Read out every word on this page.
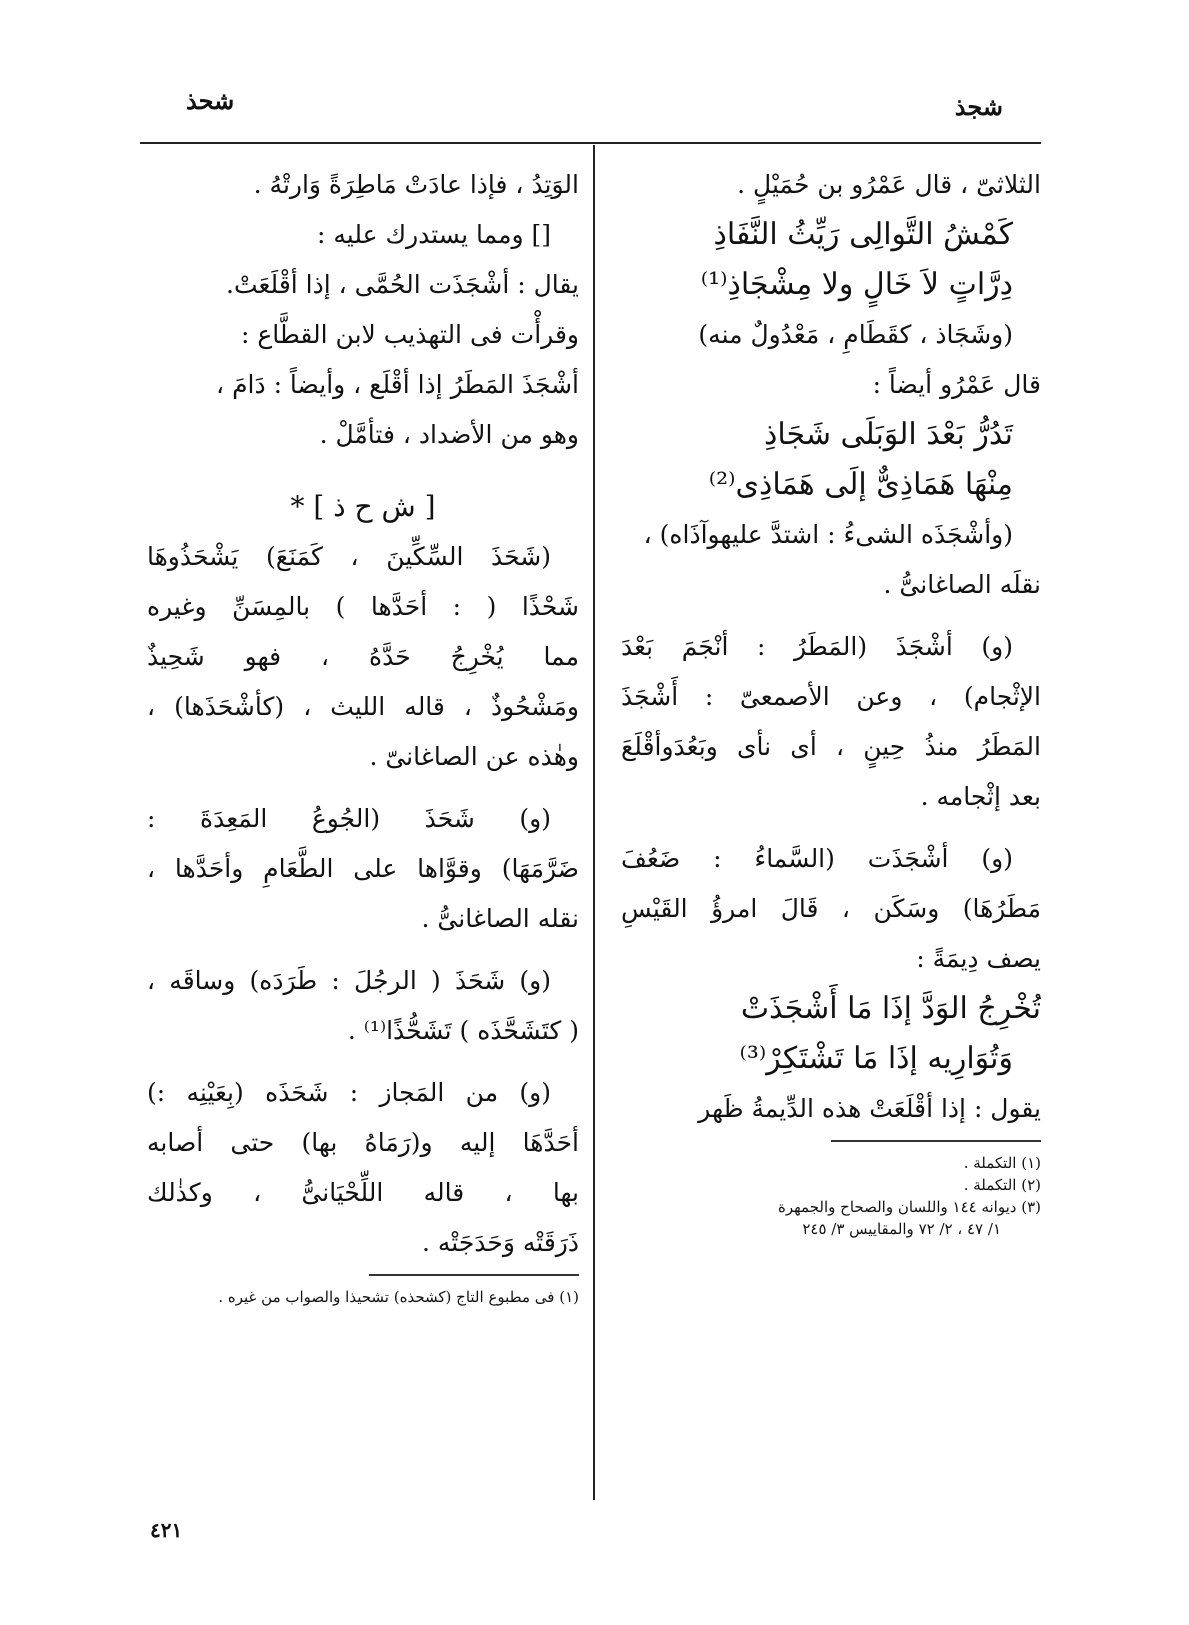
شجذ
شحذ
الثلاثىّ ، قال عَمْرُو بن حُمَيْلٍ .
كَمْشُ التَّوالِى رَيِّثُ النَّفَاذِ
دِرَّاتٍ لاَ خَالٍ ولا مِشْجَاذِ⁽¹⁾
(وشَجَاذ ، كقَطَامِ ، مَعْدُولٌ منه)
قال عَمْرُو أيضاً :
تَدُرُّ بَعْدَ الوَبَلَى شَجَاذِ
مِنْهَا هَمَاذِىٌّ إلَى هَمَاذِى⁽²⁾
(وأشْجَذَه الشىءُ : اشتدَّ عليهوآذَاه) ،
نقلَه الصاغانىُّ .
(و) أشْجَذَ (المَطَرُ : أنْجَمَ بَعْدَ
الإثْجام) ، وعن الأصمعىّ : أَشْجَذَ
المَطَرُ منذُ حِينٍ ، أى نأى وبَعُدَوأقْلَعَ
بعد إثْجامه .
(و) أشْجَذَت (السَّماءُ : ضَعُفَ
مَطَرُهَا) وسَكَن ، قَالَ امرؤُ القَيْسِ
يصف دِيمَةً :
تُخْرِجُ الوَدَّ إذَا مَا أَشْجَذَتْ
وَتُوَارِيه إذَا مَا تَشْتَكِرْ⁽³⁾
يقول : إذا أقْلَعَتْ هذه الدِّيمةُ ظَهر
(١) التكملة .
(٢) التكملة .
(٣) ديوانه ١٤٤ واللسان والصحاح والجمهرة
١/ ٤٧ ، ٢/ ٧٢ والمقاييس ٣/ ٢٤٥
الوَتِدُ ، فإذا عادَتْ مَاطِرَةً وَارتْهُ .
[] ومما يستدرك عليه :
يقال : أشْجَذَت الحُمَّى ، إذا أقْلَعَتْ.
وقرأْت فى التهذيب لابن القطَّاع :
أشْجَذَ المَطَرُ إذا أقْلَع ، وأيضاً : دَامَ ،
وهو من الأضداد ، فتأمَّلْ .
[ ش ح ذ ] *
(شَحَذَ السِّكِّينَ ، كَمَنَعَ) يَشْحَذُوهَا
شَحْذًا ( : أحَدَّها ) بالمِسَنِّ وغيره
مما يُخْرِجُ حَدَّهُ ، فهو شَحِيذٌ
ومَشْحُوذٌ ، قاله الليث ، (كأشْحَذَها) ،
وهٰذه عن الصاغانىّ .
(و) شَحَذَ (الجُوعُ المَعِدَةَ :
ضَرَّمَهَا) وقوَّاها على الطَّعَامِ وأحَدَّها ،
نقله الصاغانىُّ .
(و) شَحَذَ ( الرجُلَ : طَرَدَه) وساقَه ،
( كتَشَحَّذَه ) تَشَحُّذًا⁽¹⁾ .
(و) من المَجاز : شَحَذَه (بِعَيْنِه :)
أحَدَّهَا إليه و(رَمَاهُ بها) حتى أصابه
بها ، قاله اللِّحْيَانىُّ ، وكذٰلك
ذَرَقَتْه وَحَدَجَتْه .
(١) فى مطبوع التاج (كشحذه) تشحيذا والصواب من غيره .
٤٢١
